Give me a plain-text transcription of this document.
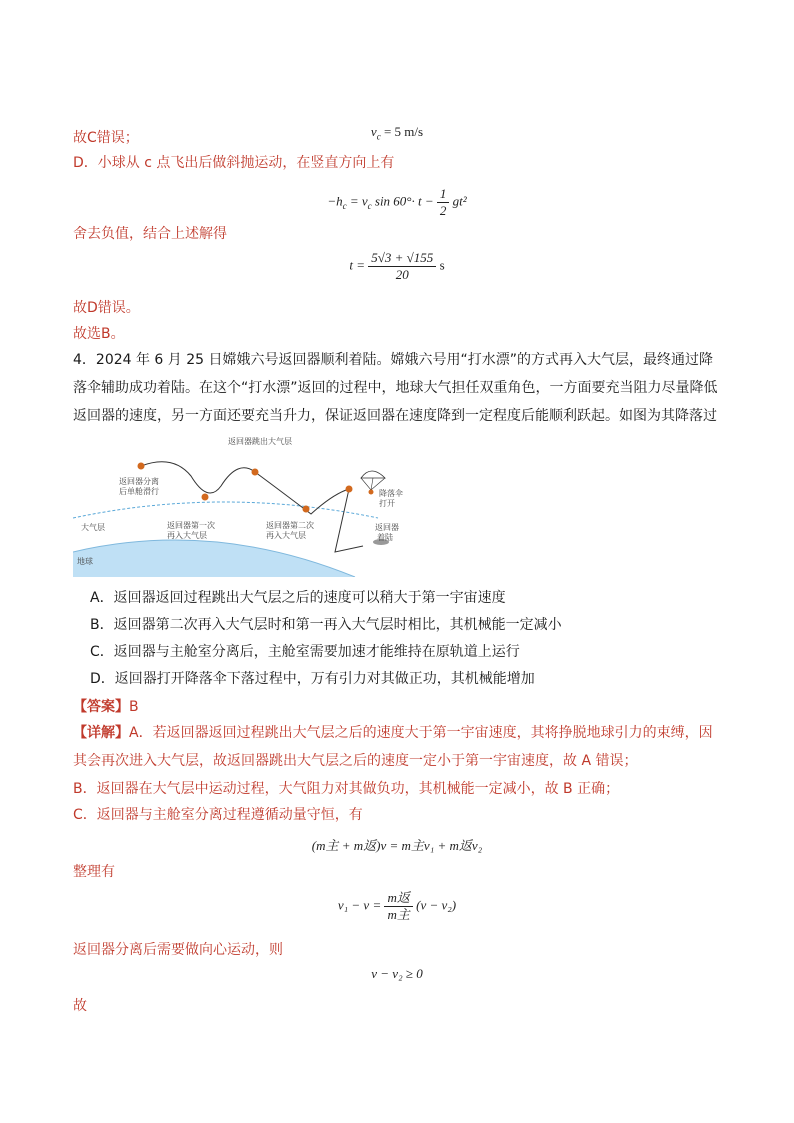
$v_c = 5$ m/s
故C错误；
D．小球从 c 点飞出后做斜抛运动，在竖直方向上有
$-h_c = v_c$ $\sin 60^\circ\cdot t - \frac{1}{2} gt^2$
舍去负值，结合上述解得
$t = \frac{5√3 + √155}{20}$ s
故D错误。
故选B。
4．2024 年 6 月 25 日嫦娥六号返回器顺利着陆。嫦娥六号用“打水漂”的方式再入大气层，最终通过降落伞辅助成功着陆。在这个“打水漂”返回的过程中，地球大气担任双重角色，一方面要充当阻力尽量降低返回器的速度，另一方面还要充当升力，保证返回器在速度降到一定程度后能顺利跃起。如图为其降落过　　
返回器跳出大气层
返回器分离
后单舱滑行	降落伞
打开
大气层	返回器第一次
再入大气层
返回器第二次
再入大气层
返回器
着陆
地球
A．返回器返回过程跳出大气层之后的速度可以稍大于第一宇宙速度
B．返回器第二次再入大气层时和第一再入大气层时相比，其机械能一定减小
C．返回器与主舱室分离后，主舱室需要加速才能维持在原轨道上运行
D．返回器打开降落伞下落过程中，万有引力对其做正功，其机械能增加
【答案】B
【详解】A．若返回器返回过程跳出大气层之后的速度大于第一宇宙速度，其将挣脱地球引力的束缚，因其会再次进入大气层，故返回器跳出大气层之后的速度一定小于第一宇宙速度，故 A 错误；
B．返回器在大气层中运动过程，大气阻力对其做负功，其机械能一定减小，故 B 正确；
C．返回器与主舱室分离过程遵循动量守恒，有
(m主 + m返)v = m主v₁ + m返v₂
整理有
$v_1 - v = \frac{\text{m返}}{\text{m主}} (v - v_2)$
返回器分离后需要做向心运动，则
v − v₂ ≥ 0
故
